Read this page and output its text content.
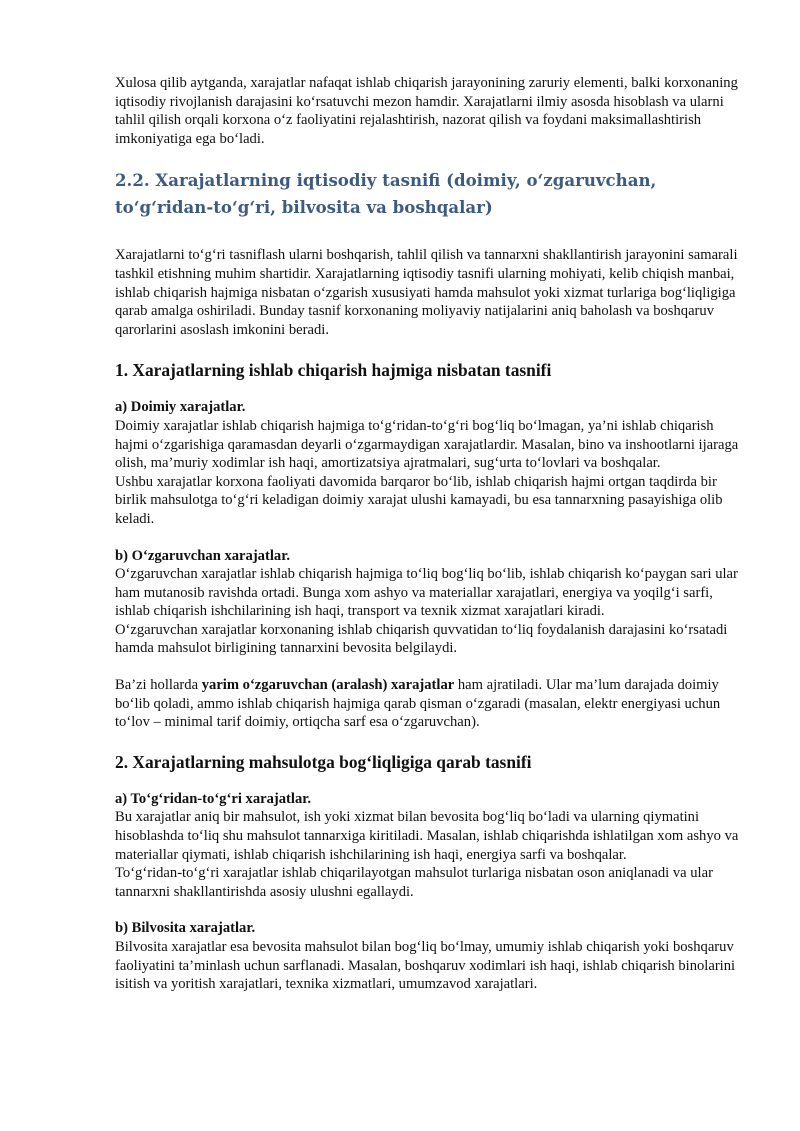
Xulosa qilib aytganda, xarajatlar nafaqat ishlab chiqarish jarayonining zaruriy elementi, balki korxonaning iqtisodiy rivojlanish darajasini ko‘rsatuvchi mezon hamdir. Xarajatlarni ilmiy asosda hisoblash va ularni tahlil qilish orqali korxona o‘z faoliyatini rejalashtirish, nazorat qilish va foydani maksimallashtirish imkoniyatiga ega bo‘ladi.

2.2. Xarajatlarning iqtisodiy tasnifi (doimiy, o‘zgaruvchan, to‘g‘ridan-to‘g‘ri, bilvosita va boshqalar)

Xarajatlarni to‘g‘ri tasniflash ularni boshqarish, tahlil qilish va tannarxni shakllantirish jarayonini samarali tashkil etishning muhim shartidir. Xarajatlarning iqtisodiy tasnifi ularning mohiyati, kelib chiqish manbai, ishlab chiqarish hajmiga nisbatan o‘zgarish xususiyati hamda mahsulot yoki xizmat turlariga bog‘liqligiga qarab amalga oshiriladi. Bunday tasnif korxonaning moliyaviy natijalarini aniq baholash va boshqaruv qarorlarini asoslash imkonini beradi.

1. Xarajatlarning ishlab chiqarish hajmiga nisbatan tasnifi

a) Doimiy xarajatlar.

Doimiy xarajatlar ishlab chiqarish hajmiga to‘g‘ridan-to‘g‘ri bog‘liq bo‘lmagan, ya’ni ishlab chiqarish hajmi o‘zgarishiga qaramasdan deyarli o‘zgarmaydigan xarajatlardir. Masalan, bino va inshootlarni ijaraga olish, ma’muriy xodimlar ish haqi, amortizatsiya ajratmalari, sug‘urta to‘lovlari va boshqalar.

Ushbu xarajatlar korxona faoliyati davomida barqaror bo‘lib, ishlab chiqarish hajmi ortgan taqdirda bir birlik mahsulotga to‘g‘ri keladigan doimiy xarajat ulushi kamayadi, bu esa tannarxning pasayishiga olib keladi.

b) O‘zgaruvchan xarajatlar.

O‘zgaruvchan xarajatlar ishlab chiqarish hajmiga to‘liq bog‘liq bo‘lib, ishlab chiqarish ko‘paygan sari ular ham mutanosib ravishda ortadi. Bunga xom ashyo va materiallar xarajatlari, energiya va yoqilg‘i sarfi, ishlab chiqarish ishchilarining ish haqi, transport va texnik xizmat xarajatlari kiradi.

O‘zgaruvchan xarajatlar korxonaning ishlab chiqarish quvvatidan to‘liq foydalanish darajasini ko‘rsatadi hamda mahsulot birligining tannarxini bevosita belgilaydi.

Ba’zi hollarda yarim o‘zgaruvchan (aralash) xarajatlar ham ajratiladi. Ular ma’lum darajada doimiy bo‘lib qoladi, ammo ishlab chiqarish hajmiga qarab qisman o‘zgaradi (masalan, elektr energiyasi uchun to‘lov – minimal tarif doimiy, ortiqcha sarf esa o‘zgaruvchan).

2. Xarajatlarning mahsulotga bog‘liqligiga qarab tasnifi

a) To‘g‘ridan-to‘g‘ri xarajatlar.

Bu xarajatlar aniq bir mahsulot, ish yoki xizmat bilan bevosita bog‘liq bo‘ladi va ularning qiymatini hisoblashda to‘liq shu mahsulot tannarxiga kiritiladi. Masalan, ishlab chiqarishda ishlatilgan xom ashyo va materiallar qiymati, ishlab chiqarish ishchilarining ish haqi, energiya sarfi va boshqalar.

To‘g‘ridan-to‘g‘ri xarajatlar ishlab chiqarilayotgan mahsulot turlariga nisbatan oson aniqlanadi va ular tannarxni shakllantirishda asosiy ulushni egallaydi.

b) Bilvosita xarajatlar.

Bilvosita xarajatlar esa bevosita mahsulot bilan bog‘liq bo‘lmay, umumiy ishlab chiqarish yoki boshqaruv faoliyatini ta’minlash uchun sarflanadi. Masalan, boshqaruv xodimlari ish haqi, ishlab chiqarish binolarini isitish va yoritish xarajatlari, texnika xizmatlari, umumzavod xarajatlari.
